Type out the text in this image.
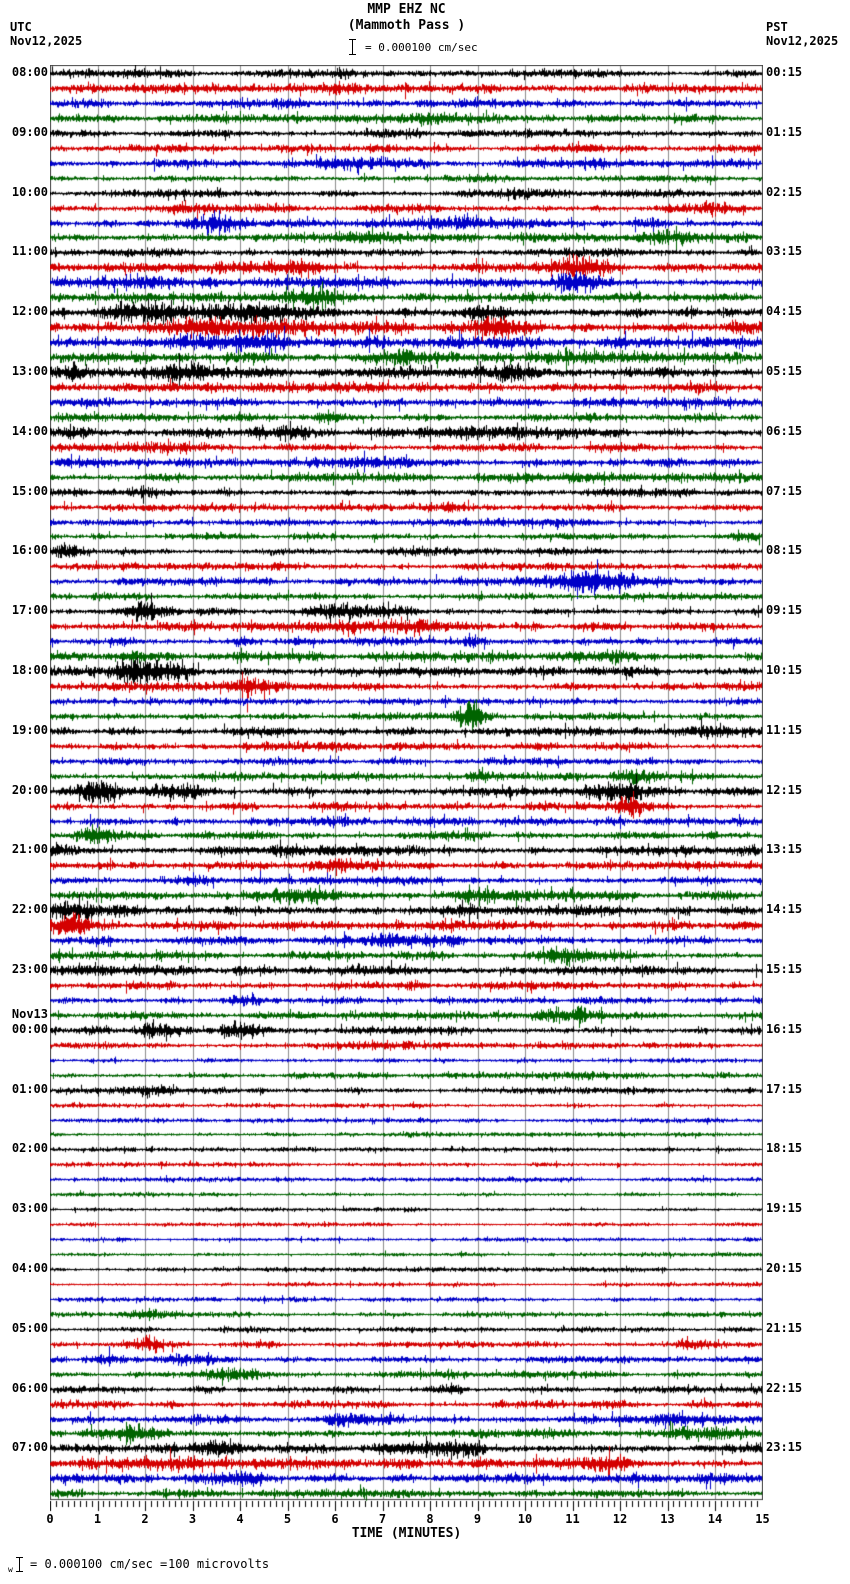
UTC
Nov12,2025
PST
Nov12,2025
MMP EHZ NC
(Mammoth Pass )
= 0.000100 cm/sec
08:00
09:00
10:00
11:00
12:00
13:00
14:00
15:00
16:00
17:00
18:00
19:00
20:00
21:00
22:00
23:00
Nov13
00:00
01:00
02:00
03:00
04:00
05:00
06:00
07:00
00:15
01:15
02:15
03:15
04:15
05:15
06:15
07:15
08:15
09:15
10:15
11:15
12:15
13:15
14:15
15:15
16:15
17:15
18:15
19:15
20:15
21:15
22:15
23:15
0	1	2	3	4	5	6	7	8	9	10	11	12	13	14	15
TIME (MINUTES)
w = 0.000100 cm/sec = 100 microvolts
